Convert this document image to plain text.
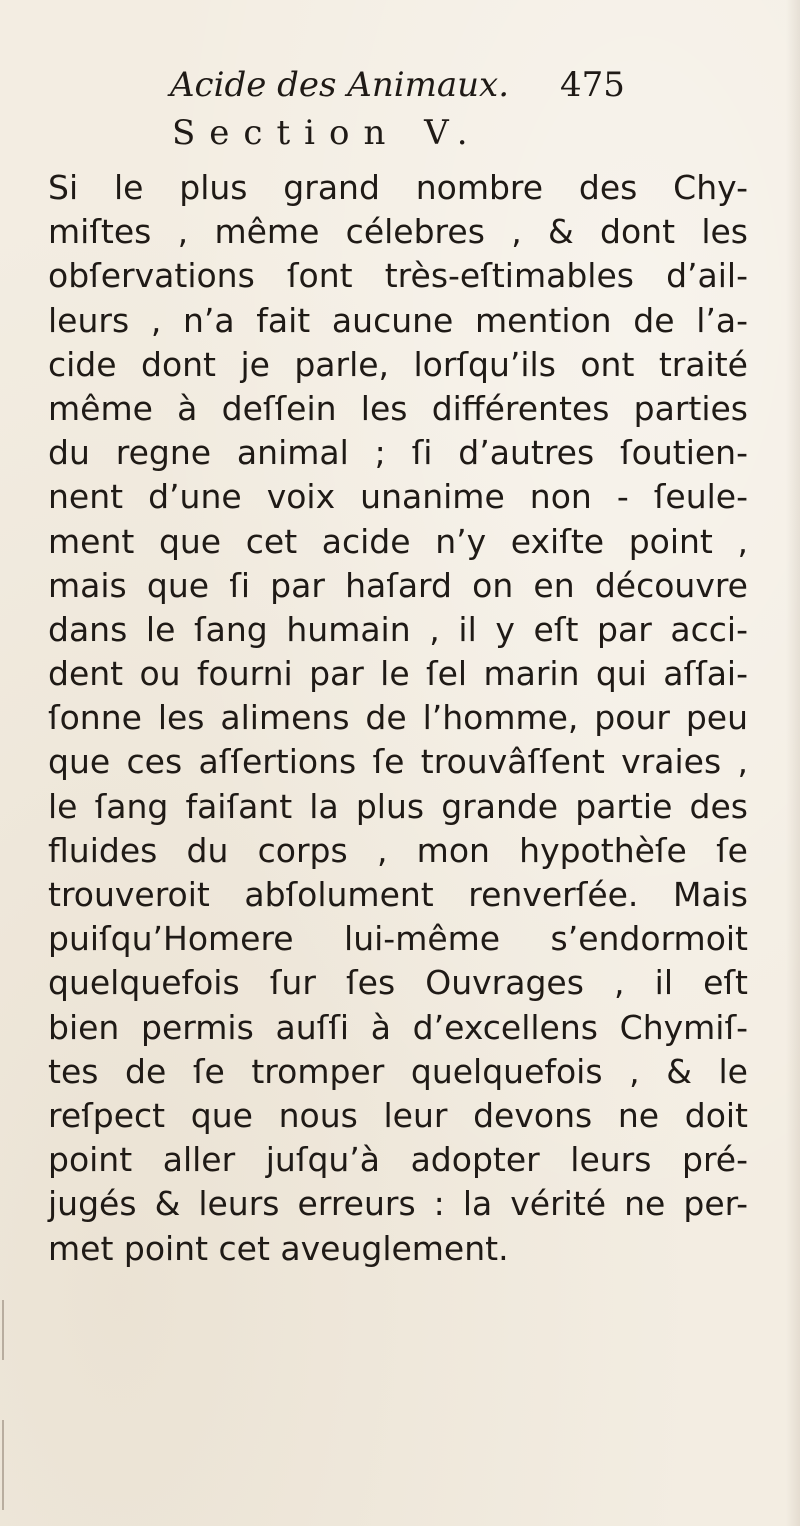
Acide des Animaux. 475
Section V.
Si le plus grand nombre des Chy-
miſtes , même célebres , & dont les
obſervations ſont très-eſtimables d’ail-
leurs , n’a fait aucune mention de l’a-
cide dont je parle, lorſqu’ils ont traité
même à deſſein les différentes parties
du regne animal ; ſi d’autres ſoutien-
nent d’une voix unanime non - ſeule-
ment que cet acide n’y exiſte point ,
mais que ſi par haſard on en découvre
dans le ſang humain , il y eſt par acci-
dent ou fourni par le ſel marin qui aſſai-
ſonne les alimens de l’homme, pour peu
que ces aſſertions ſe trouvâſſent vraies ,
le ſang faiſant la plus grande partie des
fluides du corps , mon hypothèſe ſe
trouveroit abſolument renverſée. Mais
puiſqu’Homere lui-même s’endormoit
quelquefois ſur ſes Ouvrages , il eſt
bien permis auſſi à d’excellens Chymiſ-
tes de ſe tromper quelquefois , & le
reſpect que nous leur devons ne doit
point aller juſqu’à adopter leurs pré-
jugés & leurs erreurs : la vérité ne per-
met point cet aveuglement.
